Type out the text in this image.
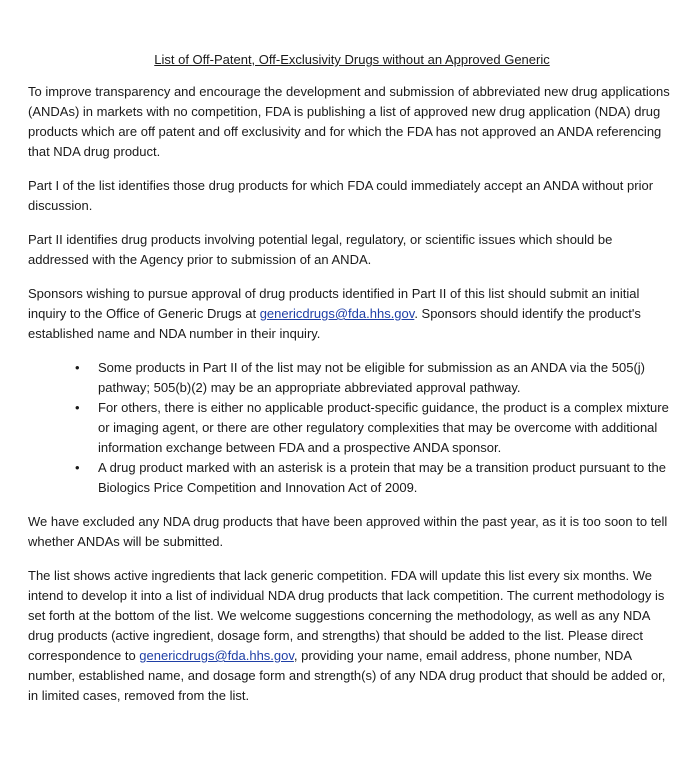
List of Off-Patent, Off-Exclusivity Drugs without an Approved Generic

To improve transparency and encourage the development and submission of abbreviated new drug applications (ANDAs) in markets with no competition, FDA is publishing a list of approved new drug application (NDA) drug products which are off patent and off exclusivity and for which the FDA has not approved an ANDA referencing that NDA drug product.

Part I of the list identifies those drug products for which FDA could immediately accept an ANDA without prior discussion.

Part II identifies drug products involving potential legal, regulatory, or scientific issues which should be addressed with the Agency prior to submission of an ANDA.

Sponsors wishing to pursue approval of drug products identified in Part II of this list should submit an initial inquiry to the Office of Generic Drugs at genericdrugs@fda.hhs.gov. Sponsors should identify the product's established name and NDA number in their inquiry.

• Some products in Part II of the list may not be eligible for submission as an ANDA via the 505(j) pathway; 505(b)(2) may be an appropriate abbreviated approval pathway.
• For others, there is either no applicable product-specific guidance, the product is a complex mixture or imaging agent, or there are other regulatory complexities that may be overcome with additional information exchange between FDA and a prospective ANDA sponsor.
• A drug product marked with an asterisk is a protein that may be a transition product pursuant to the Biologics Price Competition and Innovation Act of 2009.

We have excluded any NDA drug products that have been approved within the past year, as it is too soon to tell whether ANDAs will be submitted.

The list shows active ingredients that lack generic competition. FDA will update this list every six months. We intend to develop it into a list of individual NDA drug products that lack competition. The current methodology is set forth at the bottom of the list. We welcome suggestions concerning the methodology, as well as any NDA drug products (active ingredient, dosage form, and strengths) that should be added to the list. Please direct correspondence to genericdrugs@fda.hhs.gov, providing your name, email address, phone number, NDA number, established name, and dosage form and strength(s) of any NDA drug product that should be added or, in limited cases, removed from the list.
